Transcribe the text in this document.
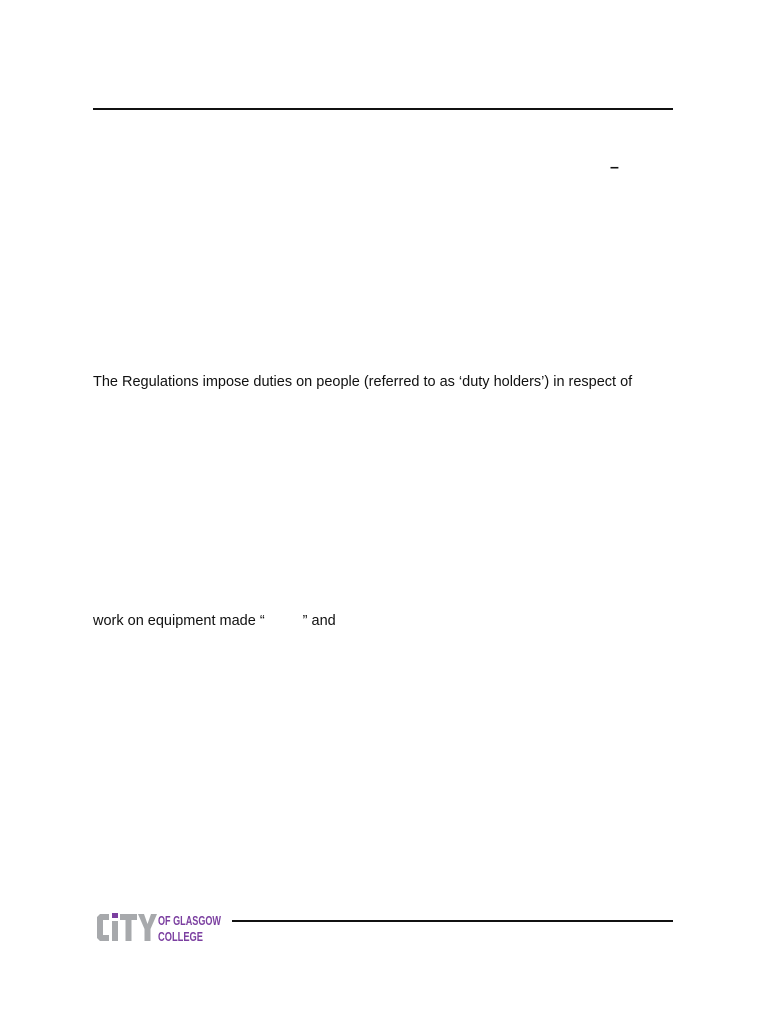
–
The Regulations impose duties on people (referred to as ‘duty holders’) in respect of
work on equipment made “	” and
OF GLASGOW
COLLEGE
